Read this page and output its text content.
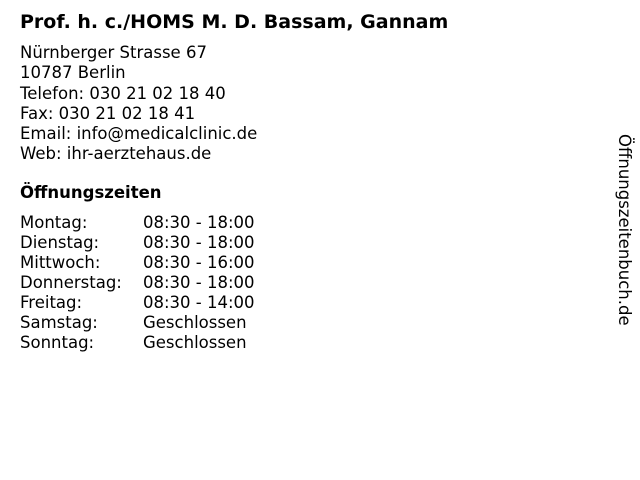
Prof. h. c./HOMS M. D. Bassam, Gannam
Nürnberger Strasse 67
10787 Berlin
Telefon: 030 21 02 18 40
Fax: 030 21 02 18 41
Email: info@medicalclinic.de
Web: ihr-aerztehaus.de
Öffnungszeiten
Montag:	08:30 - 18:00
Dienstag:	08:30 - 18:00
Mittwoch:	08:30 - 16:00
Donnerstag: 08:30 - 18:00
Freitag:	08:30 - 14:00
Samstag:	Geschlossen
Sonntag:	Geschlossen
Öffnungszeitenbuch.de
